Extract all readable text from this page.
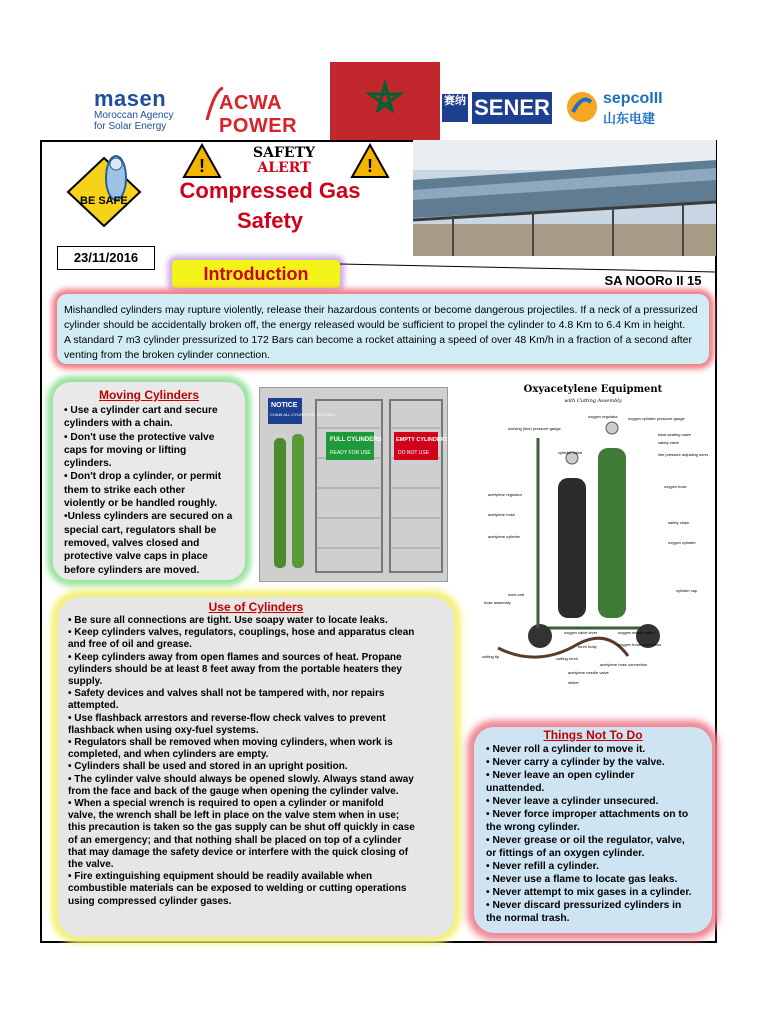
masen
Moroccan Agency
for Solar Energy
ACWA POWER
赛纳 SENER	sepcoIII
山东电建
BE SAFE
!	!
SAFETY
ALERT
Compressed Gas
Safety
23/11/2016
Introduction	SA NOORo II 15

Mishandled cylinders may rupture violently, release their hazardous contents or become dangerous projectiles. If a neck of a pressurized

cylinder should be accidentally broken off, the energy released would be sufficient to propel the cylinder to 4.8 Km to 6.4 Km in height.

A standard 7 m3 cylinder pressurized to 172 Bars can become a rocket attaining a speed of over 48 Km/h in a fraction of a second after

venting from the broken cylinder connection.

Moving Cylinders

• Use a cylinder cart and secure

cylinders with a chain.

• Don't use the protective valve

caps for moving or lifting

cylinders.

• Don't drop a cylinder, or permit

them to strike each other

violently or be handled roughly.

•Unless cylinders are secured on a

special cart, regulators shall be

removed, valves closed and

protective valve caps in place

before cylinders are moved.

NOTICE
CHAIN ALL CYLINDERS SECURELY
FULL CYLINDERS
READY FOR USE
EMPTY CYLINDERS
DO NOT USE
Oxyacetylene Equipment
with Cutting Assembly
cutting tip
oxygen cylinder pressure gauge
oxygen regulator
working (line) pressure gauge
back seating valve
safety valve
cylinder valve	line pressure adjusting screw
oxygen hose
acetylene regulator
safety chain
oxygen cylinder
acetylene cylinder
acetylene hose
cylinder cap
hose assembly
work cart
oxygen valve lever	oxygen needle valve
oxygen hose connection
cutting torch
torch body
acetylene hose connection
acetylene needle valve
striker
Use of Cylinders

• Be sure all connections are tight. Use soapy water to locate leaks.

• Keep cylinders valves, regulators, couplings, hose and apparatus clean

and free of oil and grease.

• Keep cylinders away from open flames and sources of heat. Propane

cylinders should be at least 8 feet away from the portable heaters they

supply.

• Safety devices and valves shall not be tampered with, nor repairs

attempted.

• Use flashback arrestors and reverse-flow check valves to prevent

flashback when using oxy-fuel systems.

• Regulators shall be removed when moving cylinders, when work is

completed, and when cylinders are empty.

• Cylinders shall be used and stored in an upright position.

• The cylinder valve should always be opened slowly. Always stand away

from the face and back of the gauge when opening the cylinder valve.

• When a special wrench is required to open a cylinder or manifold

valve, the wrench shall be left in place on the valve stem when in use;

this precaution is taken so the gas supply can be shut off quickly in case

of an emergency; and that nothing shall be placed on top of a cylinder

that may damage the safety device or interfere with the quick closing of

the valve.

• Fire extinguishing equipment should be readily available when

combustible materials can be exposed to welding or cutting operations

using compressed cylinder gases.

Things Not To Do

• Never roll a cylinder to move it.

• Never carry a cylinder by the valve.

• Never leave an open cylinder

unattended.

• Never leave a cylinder unsecured.

• Never force improper attachments on to

the wrong cylinder.

• Never grease or oil the regulator, valve,

or fittings of an oxygen cylinder.

• Never refill a cylinder.

• Never use a flame to locate gas leaks.

• Never attempt to mix gases in a cylinder.

• Never discard pressurized cylinders in

the normal trash.
